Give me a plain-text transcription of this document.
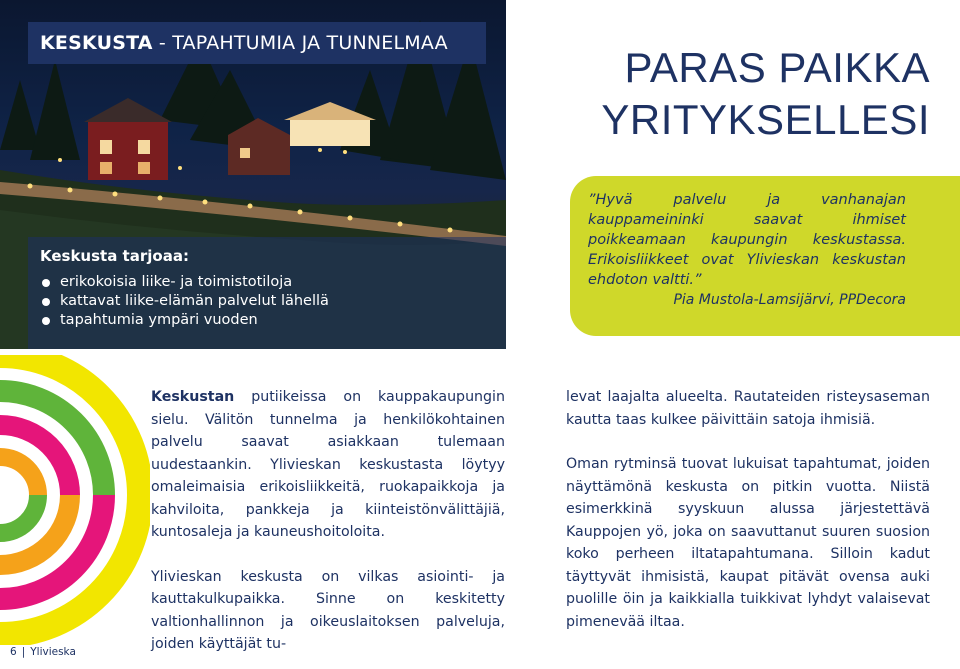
KESKUSTA - TAPAHTUMIA JA TUNNELMAA
Keskusta tarjoaa:
erikokoisia liike- ja toimistotiloja
kattavat liike-elämän palvelut lähellä
tapahtumia ympäri vuoden
PARAS PAIKKA
YRITYKSELLESI
”Hyvä palvelu ja vanhanajan kauppameininki saavat ihmiset poikkeamaan kaupungin keskustassa. Erikoisliikkeet ovat Ylivieskan keskustan ehdoton valtti.”
Pia Mustola-Lamsijärvi, PPDecora

Keskustan putiikeissa on kauppakaupungin sielu. Välitön tunnelma ja henkilökohtainen palvelu saavat asiakkaan tulemaan uudestaankin. Ylivieskan keskustasta löytyy omaleimaisia erikoisliikkeitä, ruokapaikkoja ja kahviloita, pankkeja ja kiinteistönvälittäjiä, kuntosaleja ja kauneushoitoloita.

Ylivieskan keskusta on vilkas asiointi- ja kauttakulkupaikka. Sinne on keskitetty valtionhallinnon ja oikeuslaitoksen palveluja, joiden käyttäjät tu-

levat laajalta alueelta. Rautateiden risteysaseman kautta taas kulkee päivittäin satoja ihmisiä.

Oman rytminsä tuovat lukuisat tapahtumat, joiden näyttämönä keskusta on pitkin vuotta. Niistä esimerkkinä syyskuun alussa järjestettävä Kauppojen yö, joka on saavuttanut suuren suosion koko perheen iltatapahtumana. Silloin kadut täyttyvät ihmisistä, kaupat pitävät ovensa auki puolille öin ja kaikkialla tuikkivat lyhdyt valaisevat pimenevää iltaa.

6 | Ylivieska
